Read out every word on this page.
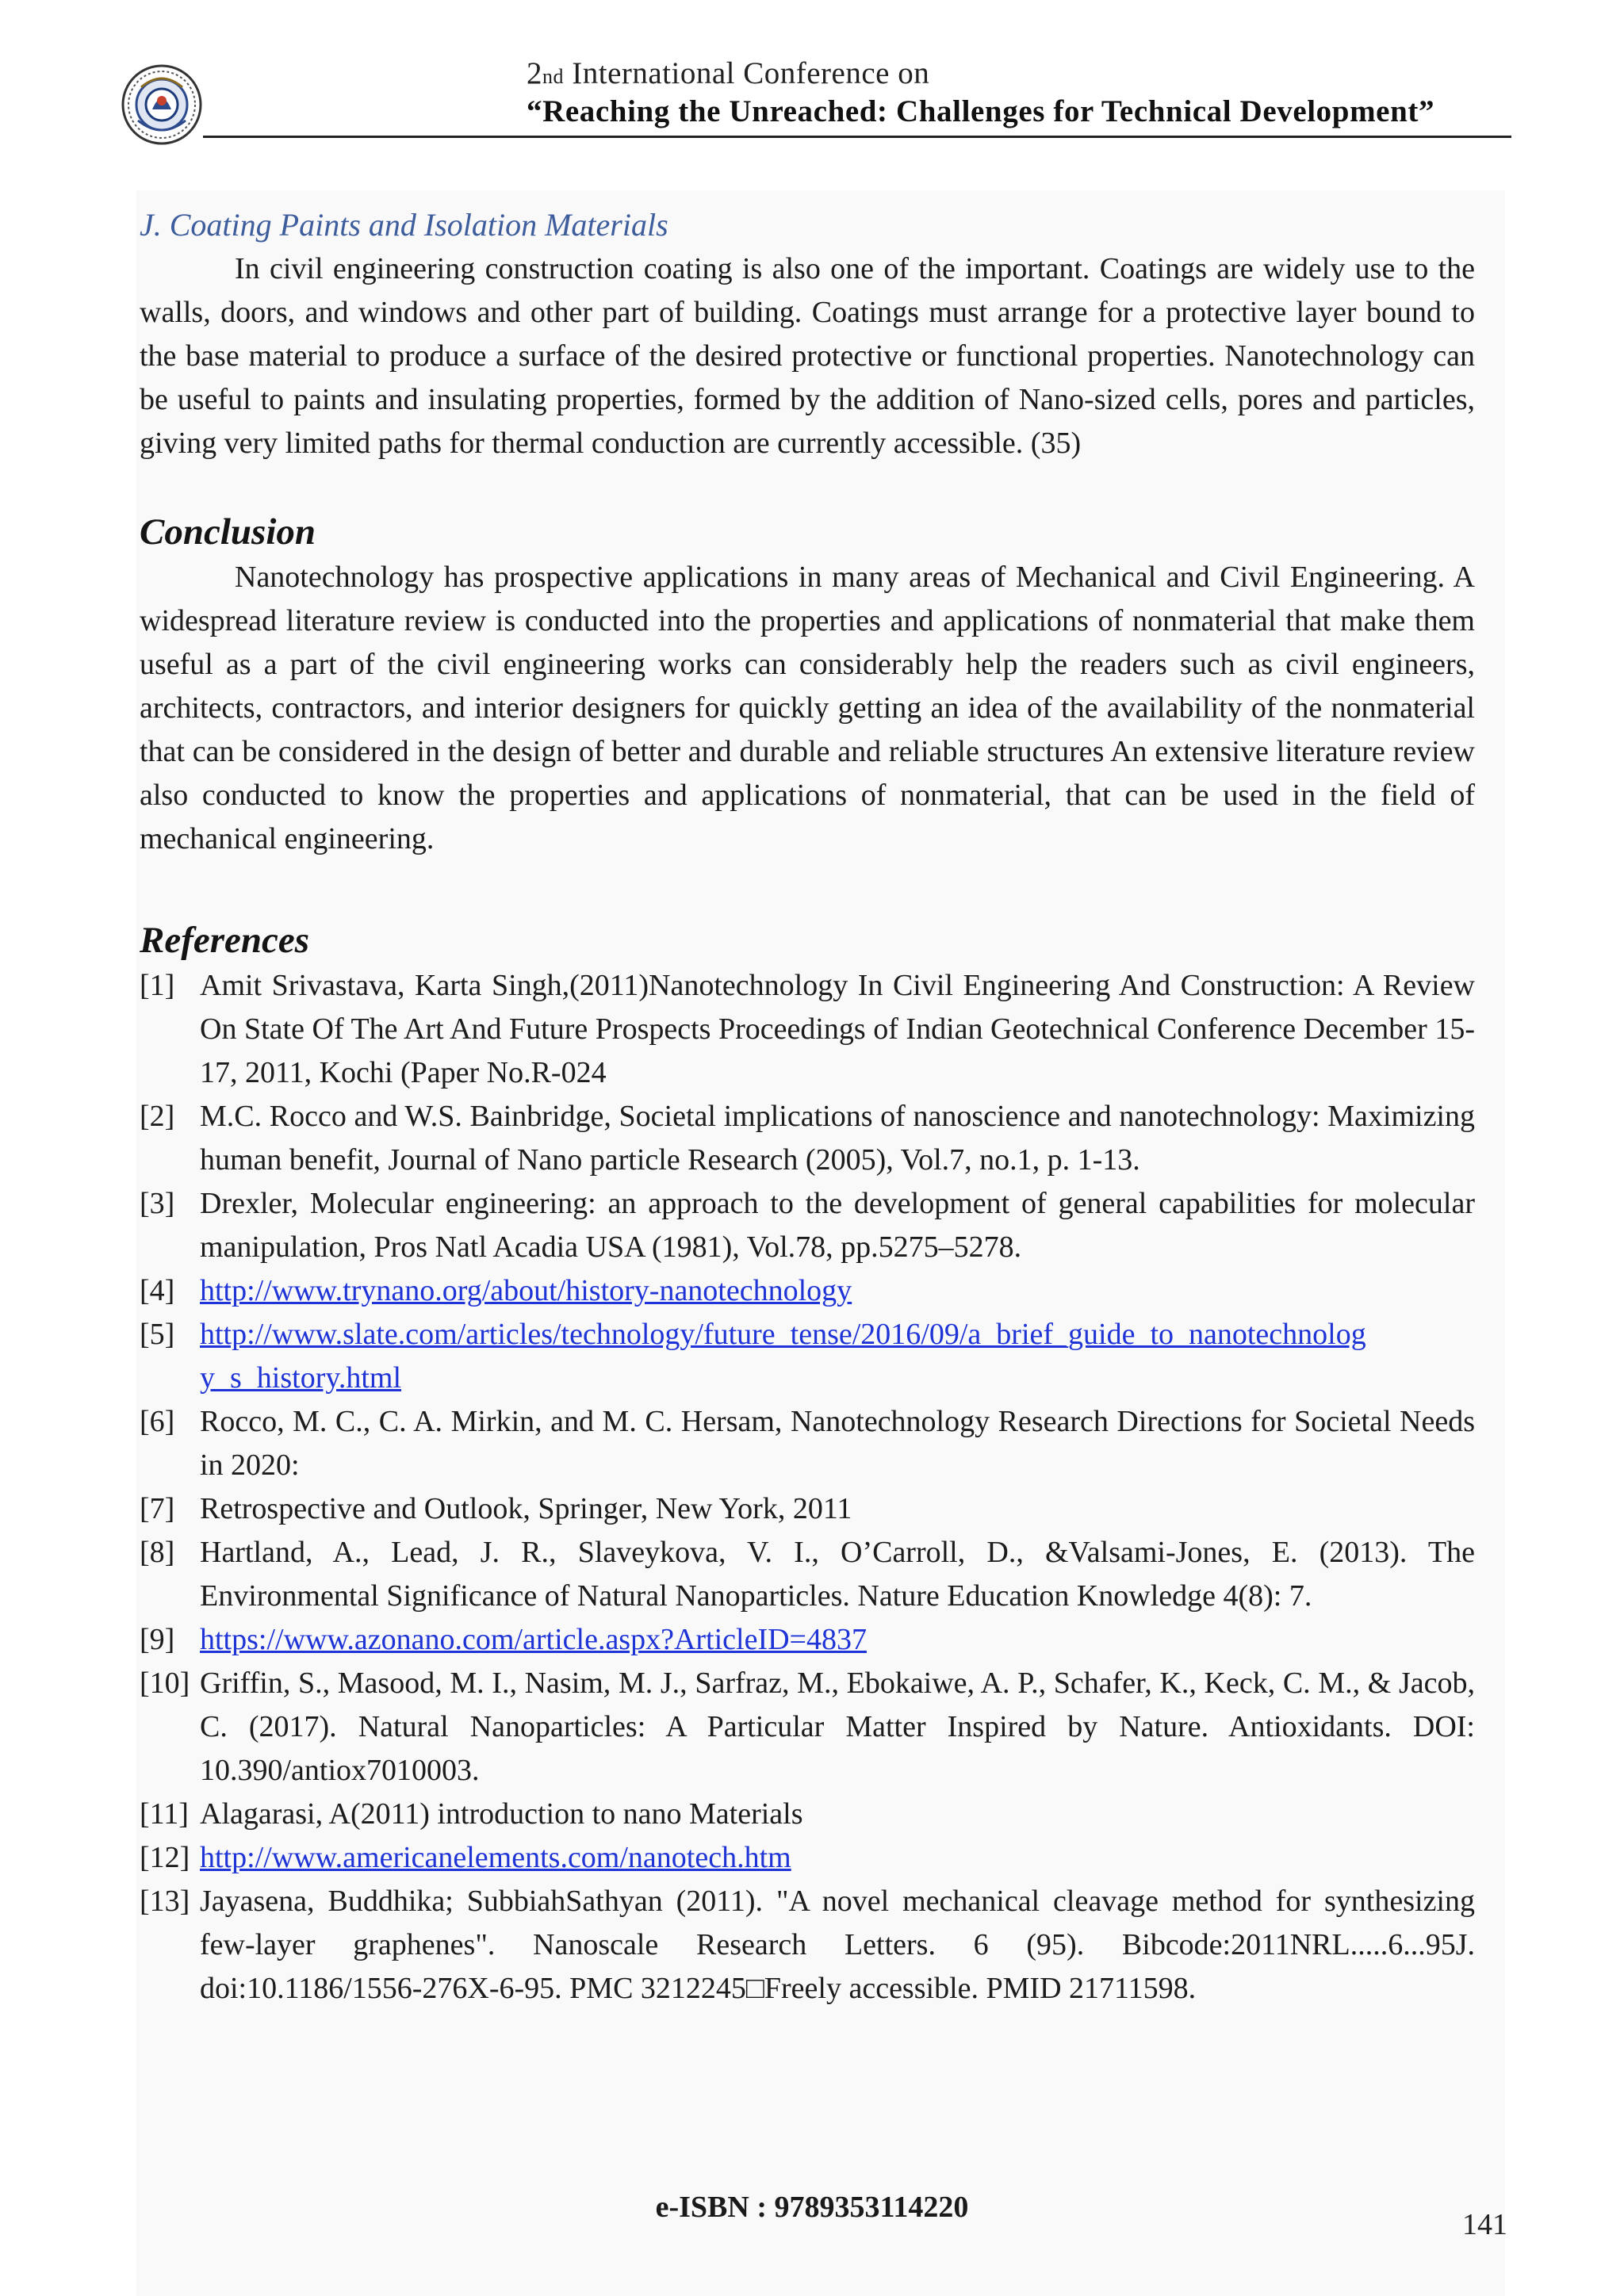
2nd International Conference on
“Reaching the Unreached: Challenges for Technical Development”

J. Coating Paints and Isolation Materials

In civil engineering construction coating is also one of the important. Coatings are widely use to the walls, doors, and windows and other part of building. Coatings must arrange for a protective layer bound to the base material to produce a surface of the desired protective or functional properties. Nanotechnology can be useful to paints and insulating properties, formed by the addition of Nano-sized cells, pores and particles, giving very limited paths for thermal conduction are currently accessible. (35)

Conclusion

Nanotechnology has prospective applications in many areas of Mechanical and Civil Engineering. A widespread literature review is conducted into the properties and applications of nonmaterial that make them useful as a part of the civil engineering works can considerably help the readers such as civil engineers, architects, contractors, and interior designers for quickly getting an idea of the availability of the nonmaterial that can be considered in the design of better and durable and reliable structures An extensive literature review also conducted to know the properties and applications of nonmaterial, that can be used in the field of mechanical engineering.

References
[1] Amit Srivastava, Karta Singh,(2011)Nanotechnology In Civil Engineering And Construction: A Review On State Of The Art And Future Prospects Proceedings of Indian Geotechnical Conference December 15-17, 2011, Kochi (Paper No.R-024
[2] M.C. Rocco and W.S. Bainbridge, Societal implications of nanoscience and nanotechnology: Maximizing human benefit, Journal of Nano particle Research (2005), Vol.7, no.1, p. 1-13.
[3] Drexler, Molecular engineering: an approach to the development of general capabilities for molecular manipulation, Pros Natl Acadia USA (1981), Vol.78, pp.5275–5278.
[4] http://www.trynano.org/about/history-nanotechnology
[5] http://www.slate.com/articles/technology/future_tense/2016/09/a_brief_guide_to_nanotechnolog y_s_history.html
[6] Rocco, M. C., C. A. Mirkin, and M. C. Hersam, Nanotechnology Research Directions for Societal Needs in 2020:
[7] Retrospective and Outlook, Springer, New York, 2011
[8] Hartland, A., Lead, J. R., Slaveykova, V. I., O’Carroll, D., &Valsami-Jones, E. (2013). The Environmental Significance of Natural Nanoparticles. Nature Education Knowledge 4(8): 7.
[9] https://www.azonano.com/article.aspx?ArticleID=4837
[10] Griffin, S., Masood, M. I., Nasim, M. J., Sarfraz, M., Ebokaiwe, A. P., Schafer, K., Keck, C. M., & Jacob, C. (2017). Natural Nanoparticles: A Particular Matter Inspired by Nature. Antioxidants. DOI: 10.390/antiox7010003.
[11] Alagarasi, A(2011) introduction to nano Materials
[12] http://www.americanelements.com/nanotech.htm
[13] Jayasena, Buddhika; SubbiahSathyan (2011). "A novel mechanical cleavage method for synthesizing few-layer graphenes". Nanoscale Research Letters. 6 (95). Bibcode:2011NRL.....6...95J. doi:10.1186/1556-276X-6-95. PMC 3212245□Freely accessible. PMID 21711598.
e-ISBN : 9789353114220
141
